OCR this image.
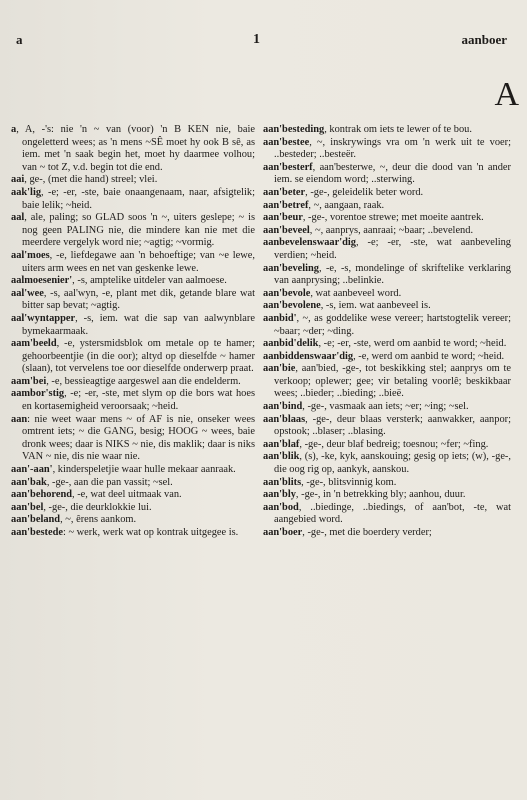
a	1	aanboer
A

a, A, -'s: nie 'n ~ van (voor) 'n B KEN nie, baie ongeletterd wees; as 'n mens ~SÊ moet hy ook B sê, as iem. met 'n saak begin het, moet hy daarmee volhou; van ~ tot Z, v.d. begin tot die end.

aai, ge-, (met die hand) streel; vlei.

aak'lig, -e; -er, -ste, baie onaangenaam, naar, afsigtelik; baie lelik; ~heid.

aal, ale, paling; so GLAD soos 'n ~, uiters geslepe; ~ is nog geen PALING nie, die mindere kan nie met die meerdere vergelyk word nie; ~agtig; ~vormig.

aal'moes, -e, liefdegawe aan 'n behoeftige; van ~e lewe, uiters arm wees en net van geskenke lewe.

aalmoesenier', -s, amptelike uitdeler van aalmoese.

aal'wee, -s, aal'wyn, -e, plant met dik, getande blare wat bitter sap bevat; ~agtig.

aal'wyntapper, -s, iem. wat die sap van aalwynblare bymekaarmaak.

aam'beeld, -e, ystersmidsblok om metale op te hamer; gehoorbeentjie (in die oor); altyd op dieselfde ~ hamer (slaan), tot vervelens toe oor dieselfde onderwerp praat.

aam'bei, -e, bessieagtige aargeswel aan die endelderm.

aambor'stig, -e; -er, -ste, met slym op die bors wat hoes en kortasemigheid veroorsaak; ~heid.

aan: nie weet waar mens ~ of AF is nie, onseker wees omtrent iets; ~ die GANG, besig; HOOG ~ wees, baie dronk wees; daar is NIKS ~ nie, dis maklik; daar is niks VAN ~ nie, dis nie waar nie.

aan'-aan', kinderspeletjie waar hulle mekaar aanraak.

aan'bak, -ge-, aan die pan vassit; ~sel.

aan'behorend, -e, wat deel uitmaak van.

aan'bel, -ge-, die deurklokkie lui.

aan'beland, ~, êrens aankom.

aan'bestede: ~ werk, werk wat op kontrak uitgegee is.

aan'besteding, kontrak om iets te lewer of te bou.

aan'bestee, ~, inskrywings vra om 'n werk uit te voer; ..besteder; ..besteër.

aan'besterf, aan'besterwe, ~, deur die dood van 'n ander iem. se eiendom word; ..sterwing.

aan'beter, -ge-, geleidelik beter word.

aan'betref, ~, aangaan, raak.

aan'beur, -ge-, vorentoe strewe; met moeite aantrek.

aan'beveel, ~, aanprys, aanraai; ~baar; ..bevelend.

aanbevelenswaar'dig, -e; -er, -ste, wat aanbeveling verdien; ~heid.

aan'beveling, -e, -s, mondelinge of skriftelike verklaring van aanprysing; ..belinkie.

aan'bevole, wat aanbeveel word.

aan'bevolene, -s, iem. wat aanbeveel is.

aanbid', ~, as goddelike wese vereer; hartstogtelik vereer; ~baar; ~der; ~ding.

aanbid'delik, -e; -er, -ste, werd om aanbid te word; ~heid.

aanbiddenswaar'dig, -e, werd om aanbid te word; ~heid.

aan'bie, aan'bied, -ge-, tot beskikking stel; aanprys om te verkoop; oplewer; gee; vir betaling voorlê; beskikbaar wees; ..bieder; ..bieding; ..bieë.

aan'bind, -ge-, vasmaak aan iets; ~er; ~ing; ~sel.

aan'blaas, -ge-, deur blaas versterk; aanwakker, aanpor; opstook; ..blaser; ..blasing.

aan'blaf, -ge-, deur blaf bedreig; toesnou; ~fer; ~fing.

aan'blik, (s), -ke, kyk, aanskouing; gesig op iets; (w), -ge-, die oog rig op, aankyk, aanskou.

aan'blits, -ge-, blitsvinnig kom.

aan'bly, -ge-, in 'n betrekking bly; aanhou, duur.

aan'bod, ..biedinge, ..biedings, of aan'bot, -te, wat aangebied word.

aan'boer, -ge-, met die boerdery verder;
